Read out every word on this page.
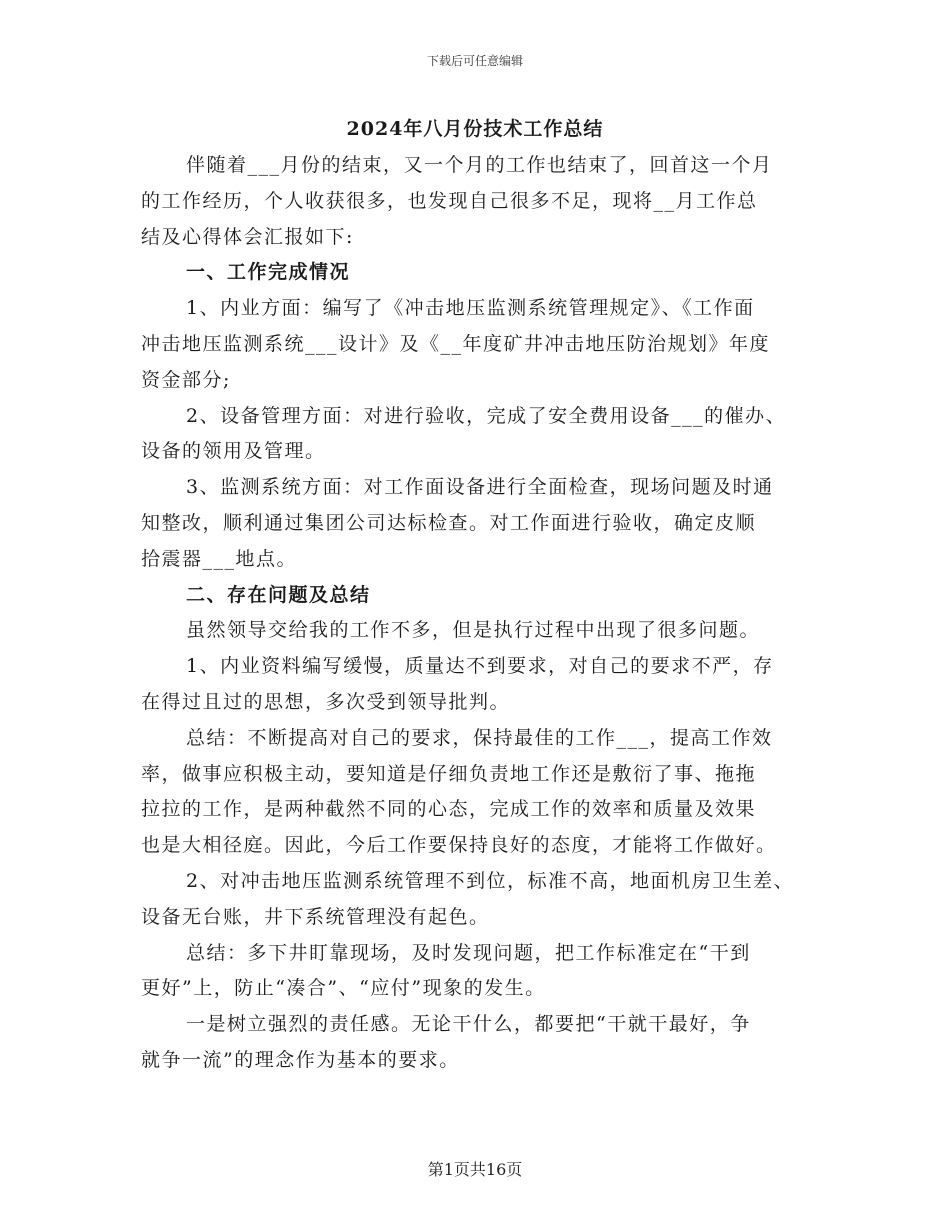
下载后可任意编辑
2024年八月份技术工作总结
伴随着___月份的结束，又一个月的工作也结束了，回首这一个月
的工作经历，个人收获很多，也发现自己很多不足，现将__月工作总
结及心得体会汇报如下:
一、工作完成情况
1、内业方面：编写了《冲击地压监测系统管理规定》、《工作面
冲击地压监测系统___设计》及《__年度矿井冲击地压防治规划》年度
资金部分;
2、设备管理方面：对进行验收，完成了安全费用设备___的催办、
设备的领用及管理。
3、监测系统方面：对工作面设备进行全面检查，现场问题及时通
知整改，顺利通过集团公司达标检查。对工作面进行验收，确定皮顺
拾震器___地点。
二、存在问题及总结
虽然领导交给我的工作不多，但是执行过程中出现了很多问题。
1、内业资料编写缓慢，质量达不到要求，对自己的要求不严，存
在得过且过的思想，多次受到领导批判。
总结：不断提高对自己的要求，保持最佳的工作___，提高工作效
率，做事应积极主动，要知道是仔细负责地工作还是敷衍了事、拖拖
拉拉的工作，是两种截然不同的心态，完成工作的效率和质量及效果
也是大相径庭。因此，今后工作要保持良好的态度，才能将工作做好。
2、对冲击地压监测系统管理不到位，标准不高，地面机房卫生差、
设备无台账，井下系统管理没有起色。
总结：多下井盯靠现场，及时发现问题，把工作标准定在“干到
更好”上，防止“凑合”、“应付”现象的发生。
一是树立强烈的责任感。无论干什么，都要把“干就干最好，争
就争一流”的理念作为基本的要求。
第1页共16页
